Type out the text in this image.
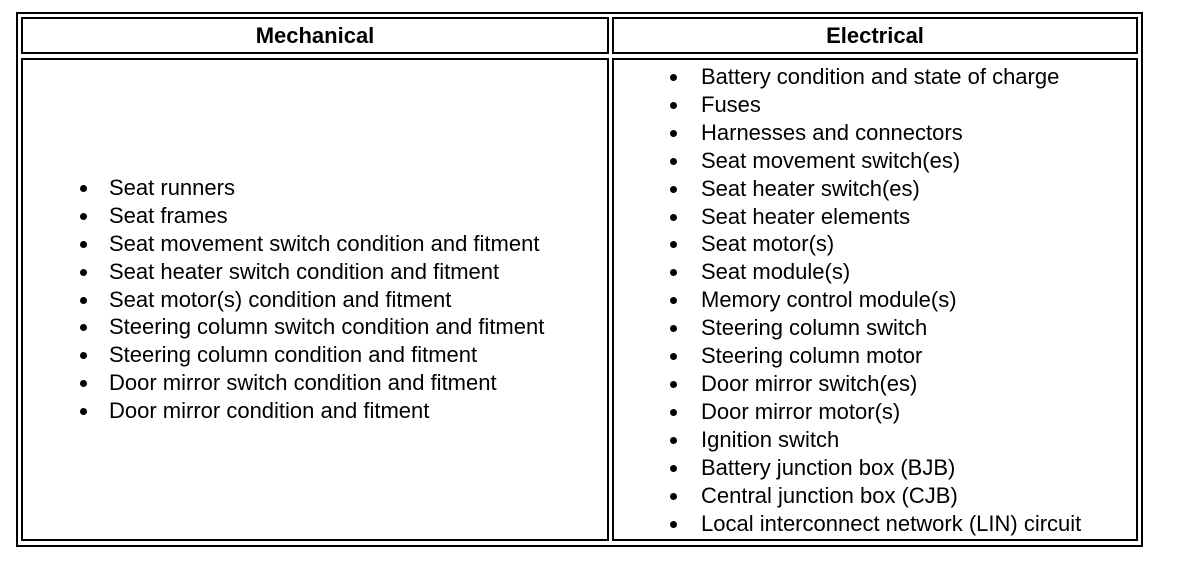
Mechanical	Electrical
Seat runners
Seat frames
Seat movement switch condition and fitment
Seat heater switch condition and fitment
Seat motor(s) condition and fitment
Steering column switch condition and fitment
Steering column condition and fitment
Door mirror switch condition and fitment
Door mirror condition and fitment
Battery condition and state of charge
Fuses
Harnesses and connectors
Seat movement switch(es)
Seat heater switch(es)
Seat heater elements
Seat motor(s)
Seat module(s)
Memory control module(s)
Steering column switch
Steering column motor
Door mirror switch(es)
Door mirror motor(s)
Ignition switch
Battery junction box (BJB)
Central junction box (CJB)
Local interconnect network (LIN) circuit
